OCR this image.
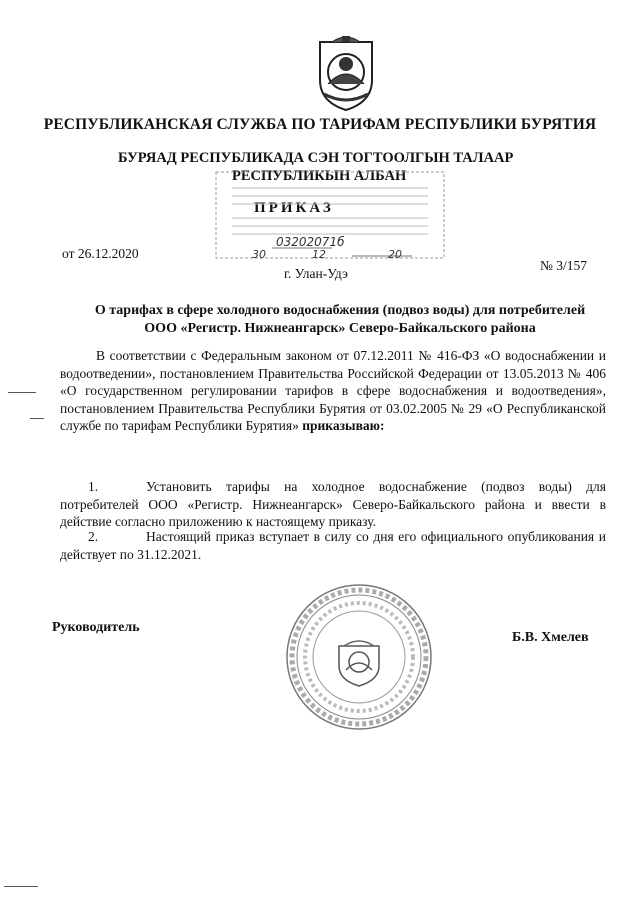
РЕСПУБЛИКАНСКАЯ СЛУЖБА ПО ТАРИФАМ РЕСПУБЛИКИ БУРЯТИЯ
БУРЯАД РЕСПУБЛИКАДА СЭН ТОГТООЛГЫН ТАЛААР
РЕСПУБЛИКЫН АЛБАН
ПРИКАЗ
03202071б
30	12	20
от 26.12.2020
г. Улан-Удэ
№ 3/157
О тарифах в сфере холодного водоснабжения (подвоз воды) для потребителей
ООО «Регистр. Нижнеангарск» Северо-Байкальского района

В соответствии с Федеральным законом от 07.12.2011 № 416-ФЗ «О водоснабжении и водоотведении», постановлением Правительства Российской Федерации от 13.05.2013 № 406 «О государственном регулировании тарифов в сфере водоснабжения и водоотведения», постановлением Правительства Республики Бурятия от 03.02.2005 № 29 «О Республиканской службе по тарифам Республики Бурятия» приказываю:

1.	Установить тарифы на холодное водоснабжение (подвоз воды) для потребителей ООО «Регистр. Нижнеангарск» Северо-Байкальского района и ввести в действие согласно приложению к настоящему приказу.

2.	Настоящий приказ вступает в силу со дня его официального опубликования и действует по 31.12.2021.

Руководитель
Б.В. Хмелев
